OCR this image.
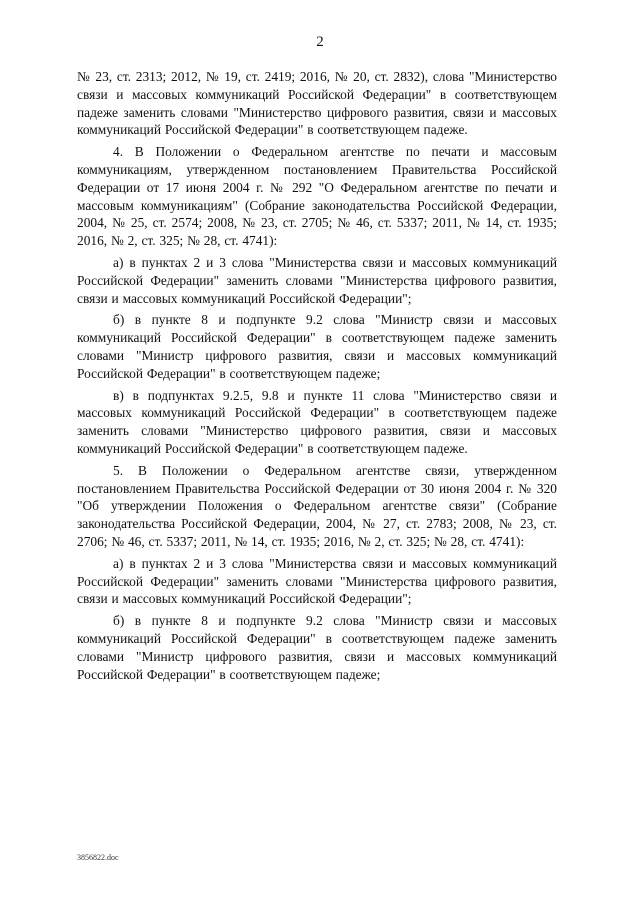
2

№ 23, ст. 2313; 2012, № 19, ст. 2419; 2016, № 20, ст. 2832), слова "Министерство связи и массовых коммуникаций Российской Федерации" в соответствующем падеже заменить словами "Министерство цифрового развития, связи и массовых коммуникаций Российской Федерации" в соответствующем падеже.

4. В Положении о Федеральном агентстве по печати и массовым коммуникациям, утвержденном постановлением Правительства Российской Федерации от 17 июня 2004 г. № 292 "О Федеральном агентстве по печати и массовым коммуникациям" (Собрание законодательства Российской Федерации, 2004, № 25, ст. 2574; 2008, № 23, ст. 2705; № 46, ст. 5337; 2011, № 14, ст. 1935; 2016, № 2, ст. 325; № 28, ст. 4741):

а) в пунктах 2 и 3 слова "Министерства связи и массовых коммуникаций Российской Федерации" заменить словами "Министерства цифрового развития, связи и массовых коммуникаций Российской Федерации";

б) в пункте 8 и подпункте 9.2 слова "Министр связи и массовых коммуникаций Российской Федерации" в соответствующем падеже заменить словами "Министр цифрового развития, связи и массовых коммуникаций Российской Федерации" в соответствующем падеже;

в) в подпунктах 9.2.5, 9.8 и пункте 11 слова "Министерство связи и массовых коммуникаций Российской Федерации" в соответствующем падеже заменить словами "Министерство цифрового развития, связи и массовых коммуникаций Российской Федерации" в соответствующем падеже.

5. В Положении о Федеральном агентстве связи, утвержденном постановлением Правительства Российской Федерации от 30 июня 2004 г. № 320 "Об утверждении Положения о Федеральном агентстве связи" (Собрание законодательства Российской Федерации, 2004, № 27, ст. 2783; 2008, № 23, ст. 2706; № 46, ст. 5337; 2011, № 14, ст. 1935; 2016, № 2, ст. 325; № 28, ст. 4741):

а) в пунктах 2 и 3 слова "Министерства связи и массовых коммуникаций Российской Федерации" заменить словами "Министерства цифрового развития, связи и массовых коммуникаций Российской Федерации";

б) в пункте 8 и подпункте 9.2 слова "Министр связи и массовых коммуникаций Российской Федерации" в соответствующем падеже заменить словами "Министр цифрового развития, связи и массовых коммуникаций Российской Федерации" в соответствующем падеже;

3856822.doc
